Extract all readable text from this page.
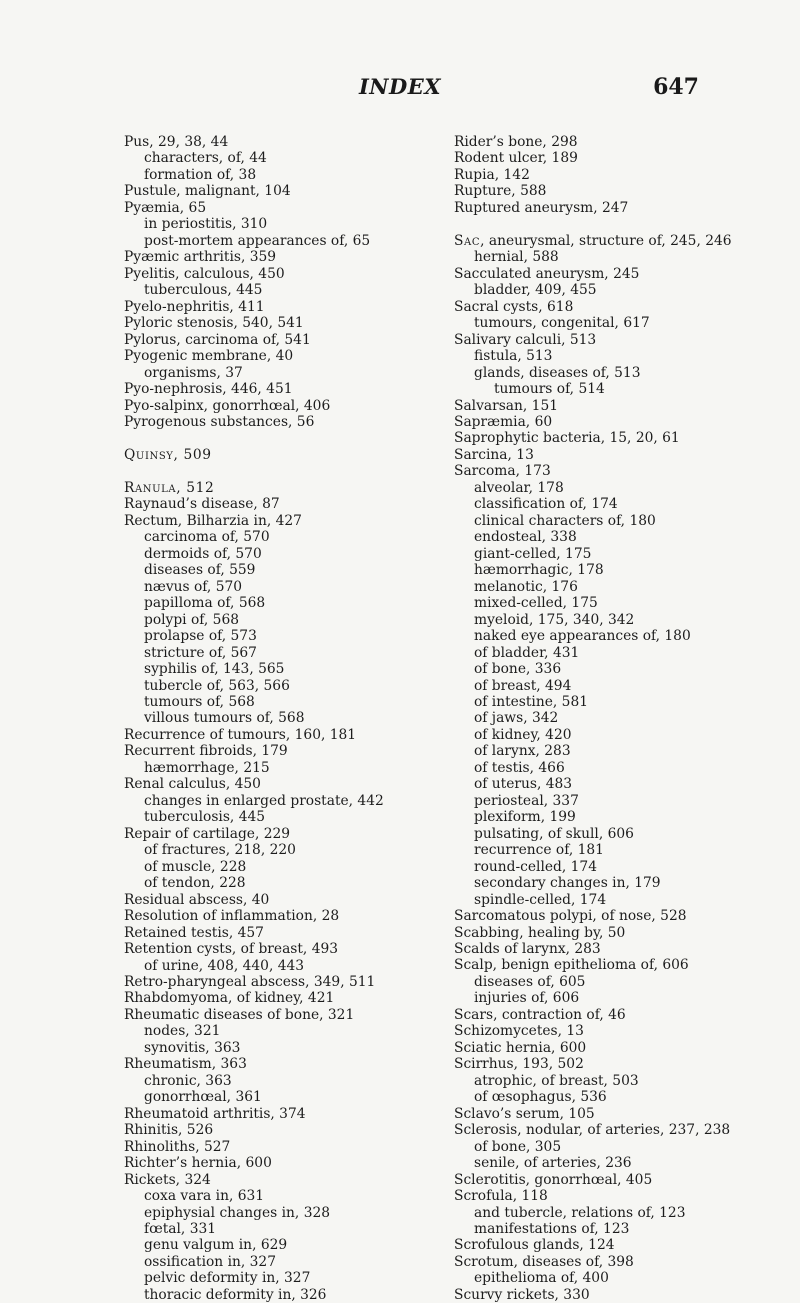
INDEX	647
Pus, 29, 38, 44
characters, of, 44
formation of, 38
Pustule, malignant, 104
Pyæmia, 65
in periostitis, 310
post-mortem appearances of, 65
Pyæmic arthritis, 359
Pyelitis, calculous, 450
tuberculous, 445
Pyelo-nephritis, 411
Pyloric stenosis, 540, 541
Pylorus, carcinoma of, 541
Pyogenic membrane, 40
organisms, 37
Pyo-nephrosis, 446, 451
Pyo-salpinx, gonorrhœal, 406
Pyrogenous substances, 56
Quinsy, 509
Ranula, 512
Raynaud’s disease, 87
Rectum, Bilharzia in, 427
carcinoma of, 570
dermoids of, 570
diseases of, 559
nævus of, 570
papilloma of, 568
polypi of, 568
prolapse of, 573
stricture of, 567
syphilis of, 143, 565
tubercle of, 563, 566
tumours of, 568
villous tumours of, 568
Recurrence of tumours, 160, 181
Recurrent fibroids, 179
hæmorrhage, 215
Renal calculus, 450
changes in enlarged prostate, 442
tuberculosis, 445
Repair of cartilage, 229
of fractures, 218, 220
of muscle, 228
of tendon, 228
Residual abscess, 40
Resolution of inflammation, 28
Retained testis, 457
Retention cysts, of breast, 493
of urine, 408, 440, 443
Retro-pharyngeal abscess, 349, 511
Rhabdomyoma, of kidney, 421
Rheumatic diseases of bone, 321
nodes, 321
synovitis, 363
Rheumatism, 363
chronic, 363
gonorrhœal, 361
Rheumatoid arthritis, 374
Rhinitis, 526
Rhinoliths, 527
Richter’s hernia, 600
Rickets, 324
coxa vara in, 631
epiphysial changes in, 328
fœtal, 331
genu valgum in, 629
ossification in, 327
pelvic deformity in, 327
thoracic deformity in, 326
Rider’s bone, 298
Rodent ulcer, 189
Rupia, 142
Rupture, 588
Ruptured aneurysm, 247
Sac, aneurysmal, structure of, 245, 246
hernial, 588
Sacculated aneurysm, 245
bladder, 409, 455
Sacral cysts, 618
tumours, congenital, 617
Salivary calculi, 513
fistula, 513
glands, diseases of, 513
tumours of, 514
Salvarsan, 151
Sapræmia, 60
Saprophytic bacteria, 15, 20, 61
Sarcina, 13
Sarcoma, 173
alveolar, 178
classification of, 174
clinical characters of, 180
endosteal, 338
giant-celled, 175
hæmorrhagic, 178
melanotic, 176
mixed-celled, 175
myeloid, 175, 340, 342
naked eye appearances of, 180
of bladder, 431
of bone, 336
of breast, 494
of intestine, 581
of jaws, 342
of kidney, 420
of larynx, 283
of testis, 466
of uterus, 483
periosteal, 337
plexiform, 199
pulsating, of skull, 606
recurrence of, 181
round-celled, 174
secondary changes in, 179
spindle-celled, 174
Sarcomatous polypi, of nose, 528
Scabbing, healing by, 50
Scalds of larynx, 283
Scalp, benign epithelioma of, 606
diseases of, 605
injuries of, 606
Scars, contraction of, 46
Schizomycetes, 13
Sciatic hernia, 600
Scirrhus, 193, 502
atrophic, of breast, 503
of œsophagus, 536
Sclavo’s serum, 105
Sclerosis, nodular, of arteries, 237, 238
of bone, 305
senile, of arteries, 236
Sclerotitis, gonorrhœal, 405
Scrofula, 118
and tubercle, relations of, 123
manifestations of, 123
Scrofulous glands, 124
Scrotum, diseases of, 398
epithelioma of, 400
Scurvy rickets, 330
